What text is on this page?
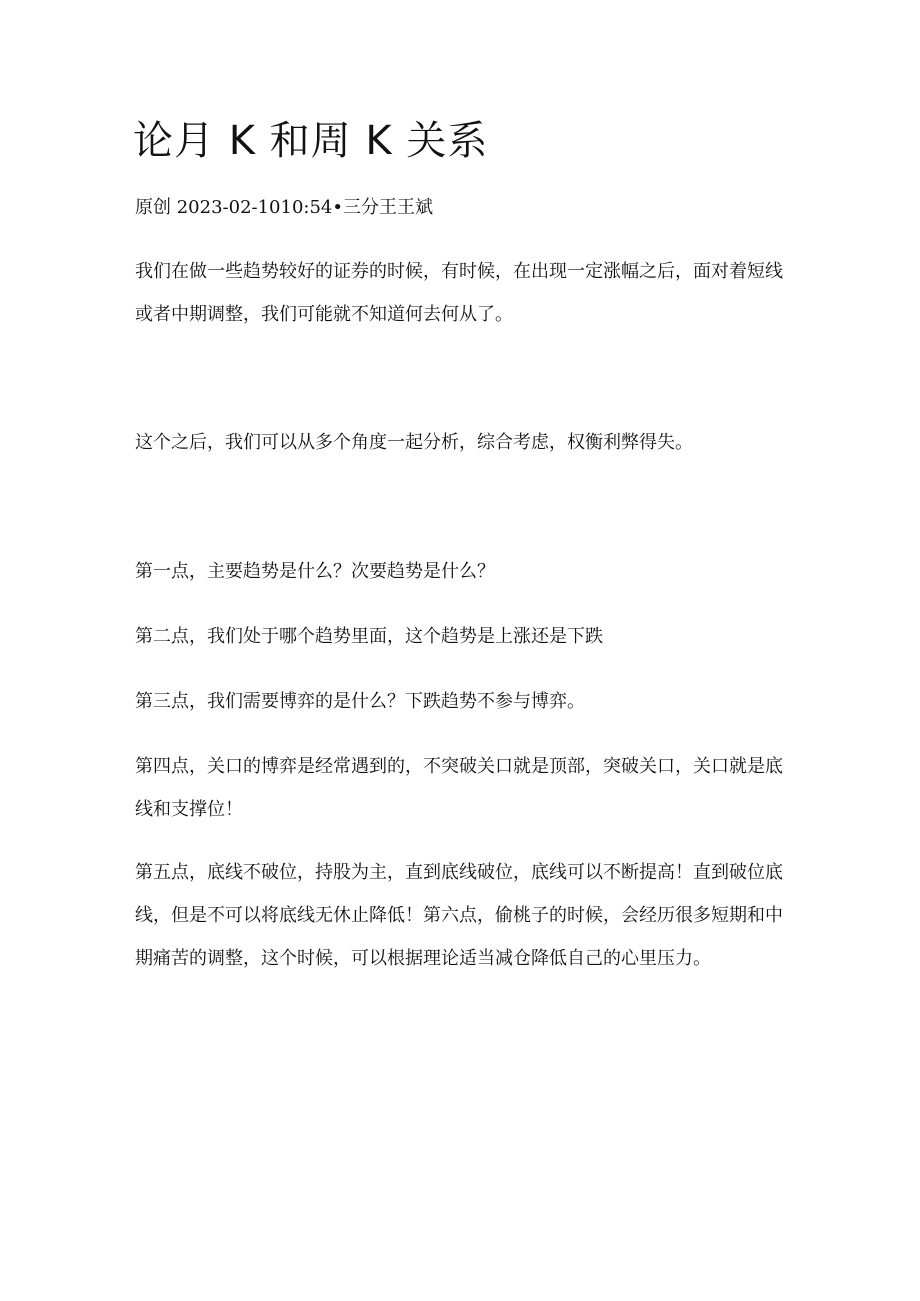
论月 K 和周 K 关系

原创 2023-02-1010:54•三分王王斌

我们在做一些趋势较好的证券的时候，有时候，在出现一定涨幅之后，面对着短线或者中期调整，我们可能就不知道何去何从了。

这个之后，我们可以从多个角度一起分析，综合考虑，权衡利弊得失。

第一点，主要趋势是什么？次要趋势是什么？

第二点，我们处于哪个趋势里面，这个趋势是上涨还是下跌

第三点，我们需要博弈的是什么？下跌趋势不参与博弈。

第四点，关口的博弈是经常遇到的，不突破关口就是顶部，突破关口，关口就是底线和支撑位！

第五点，底线不破位，持股为主，直到底线破位，底线可以不断提高！直到破位底线，但是不可以将底线无休止降低！第六点，偷桃子的时候，会经历很多短期和中期痛苦的调整，这个时候，可以根据理论适当减仓降低自己的心里压力。
